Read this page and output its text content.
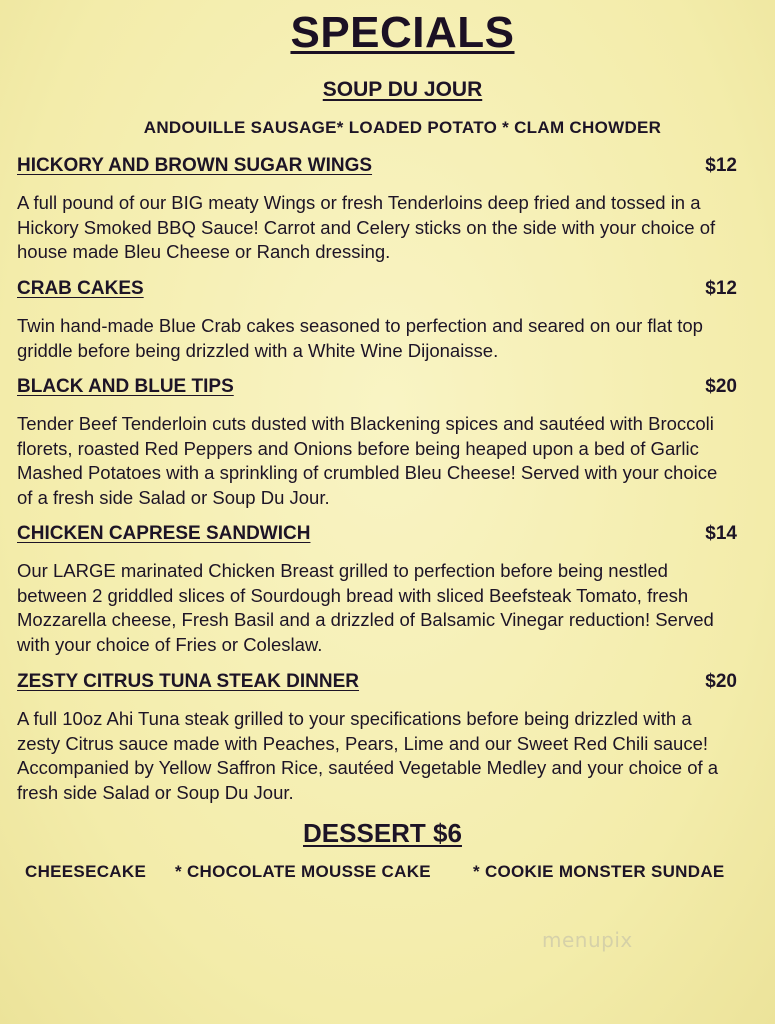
SPECIALS
SOUP DU JOUR
ANDOUILLE SAUSAGE* LOADED POTATO * CLAM CHOWDER
HICKORY AND BROWN SUGAR WINGS	$12
A full pound of our BIG meaty Wings or fresh Tenderloins deep fried and tossed in a Hickory Smoked BBQ Sauce! Carrot and Celery sticks on the side with your choice of house made Bleu Cheese or Ranch dressing.
CRAB CAKES	$12
Twin hand-made Blue Crab cakes seasoned to perfection and seared on our flat top griddle before being drizzled with a White Wine Dijonaisse.
BLACK AND BLUE TIPS	$20
Tender Beef Tenderloin cuts dusted with Blackening spices and sautéed with Broccoli florets, roasted Red Peppers and Onions before being heaped upon a bed of Garlic Mashed Potatoes with a sprinkling of crumbled Bleu Cheese! Served with your choice of a fresh side Salad or Soup Du Jour.
CHICKEN CAPRESE SANDWICH	$14
Our LARGE marinated Chicken Breast grilled to perfection before being nestled between 2 griddled slices of Sourdough bread with sliced Beefsteak Tomato, fresh Mozzarella cheese, Fresh Basil and a drizzled of Balsamic Vinegar reduction! Served with your choice of Fries or Coleslaw.
ZESTY CITRUS TUNA STEAK DINNER	$20
A full 10oz Ahi Tuna steak grilled to your specifications before being drizzled with a zesty Citrus sauce made with Peaches, Pears, Lime and our Sweet Red Chili sauce! Accompanied by Yellow Saffron Rice, sautéed Vegetable Medley and your choice of a fresh side Salad or Soup Du Jour.
DESSERT $6
CHEESECAKE * CHOCOLATE MOUSSE CAKE * COOKIE MONSTER SUNDAE
menupix
